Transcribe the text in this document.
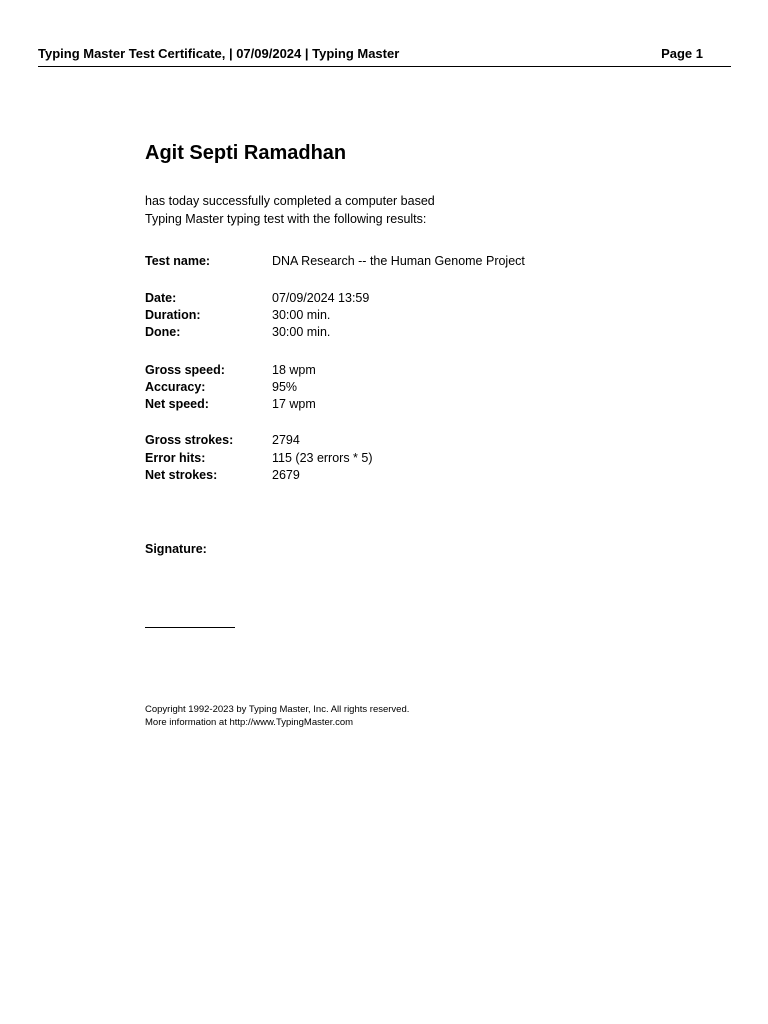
Typing Master Test Certificate, | 07/09/2024 | Typing Master	Page 1
Agit Septi Ramadhan
has today successfully completed a computer based
Typing Master typing test with the following results:
Test name:	DNA Research -- the Human Genome Project
Date:	07/09/2024 13:59
Duration:	30:00 min.
Done:	30:00 min.
Gross speed:	18 wpm
Accuracy:	95%
Net speed:	17 wpm
Gross strokes:	2794
Error hits:	115 (23 errors * 5)
Net strokes:	2679
Signature:
Copyright 1992-2023 by Typing Master, Inc. All rights reserved.
More information at http://www.TypingMaster.com
